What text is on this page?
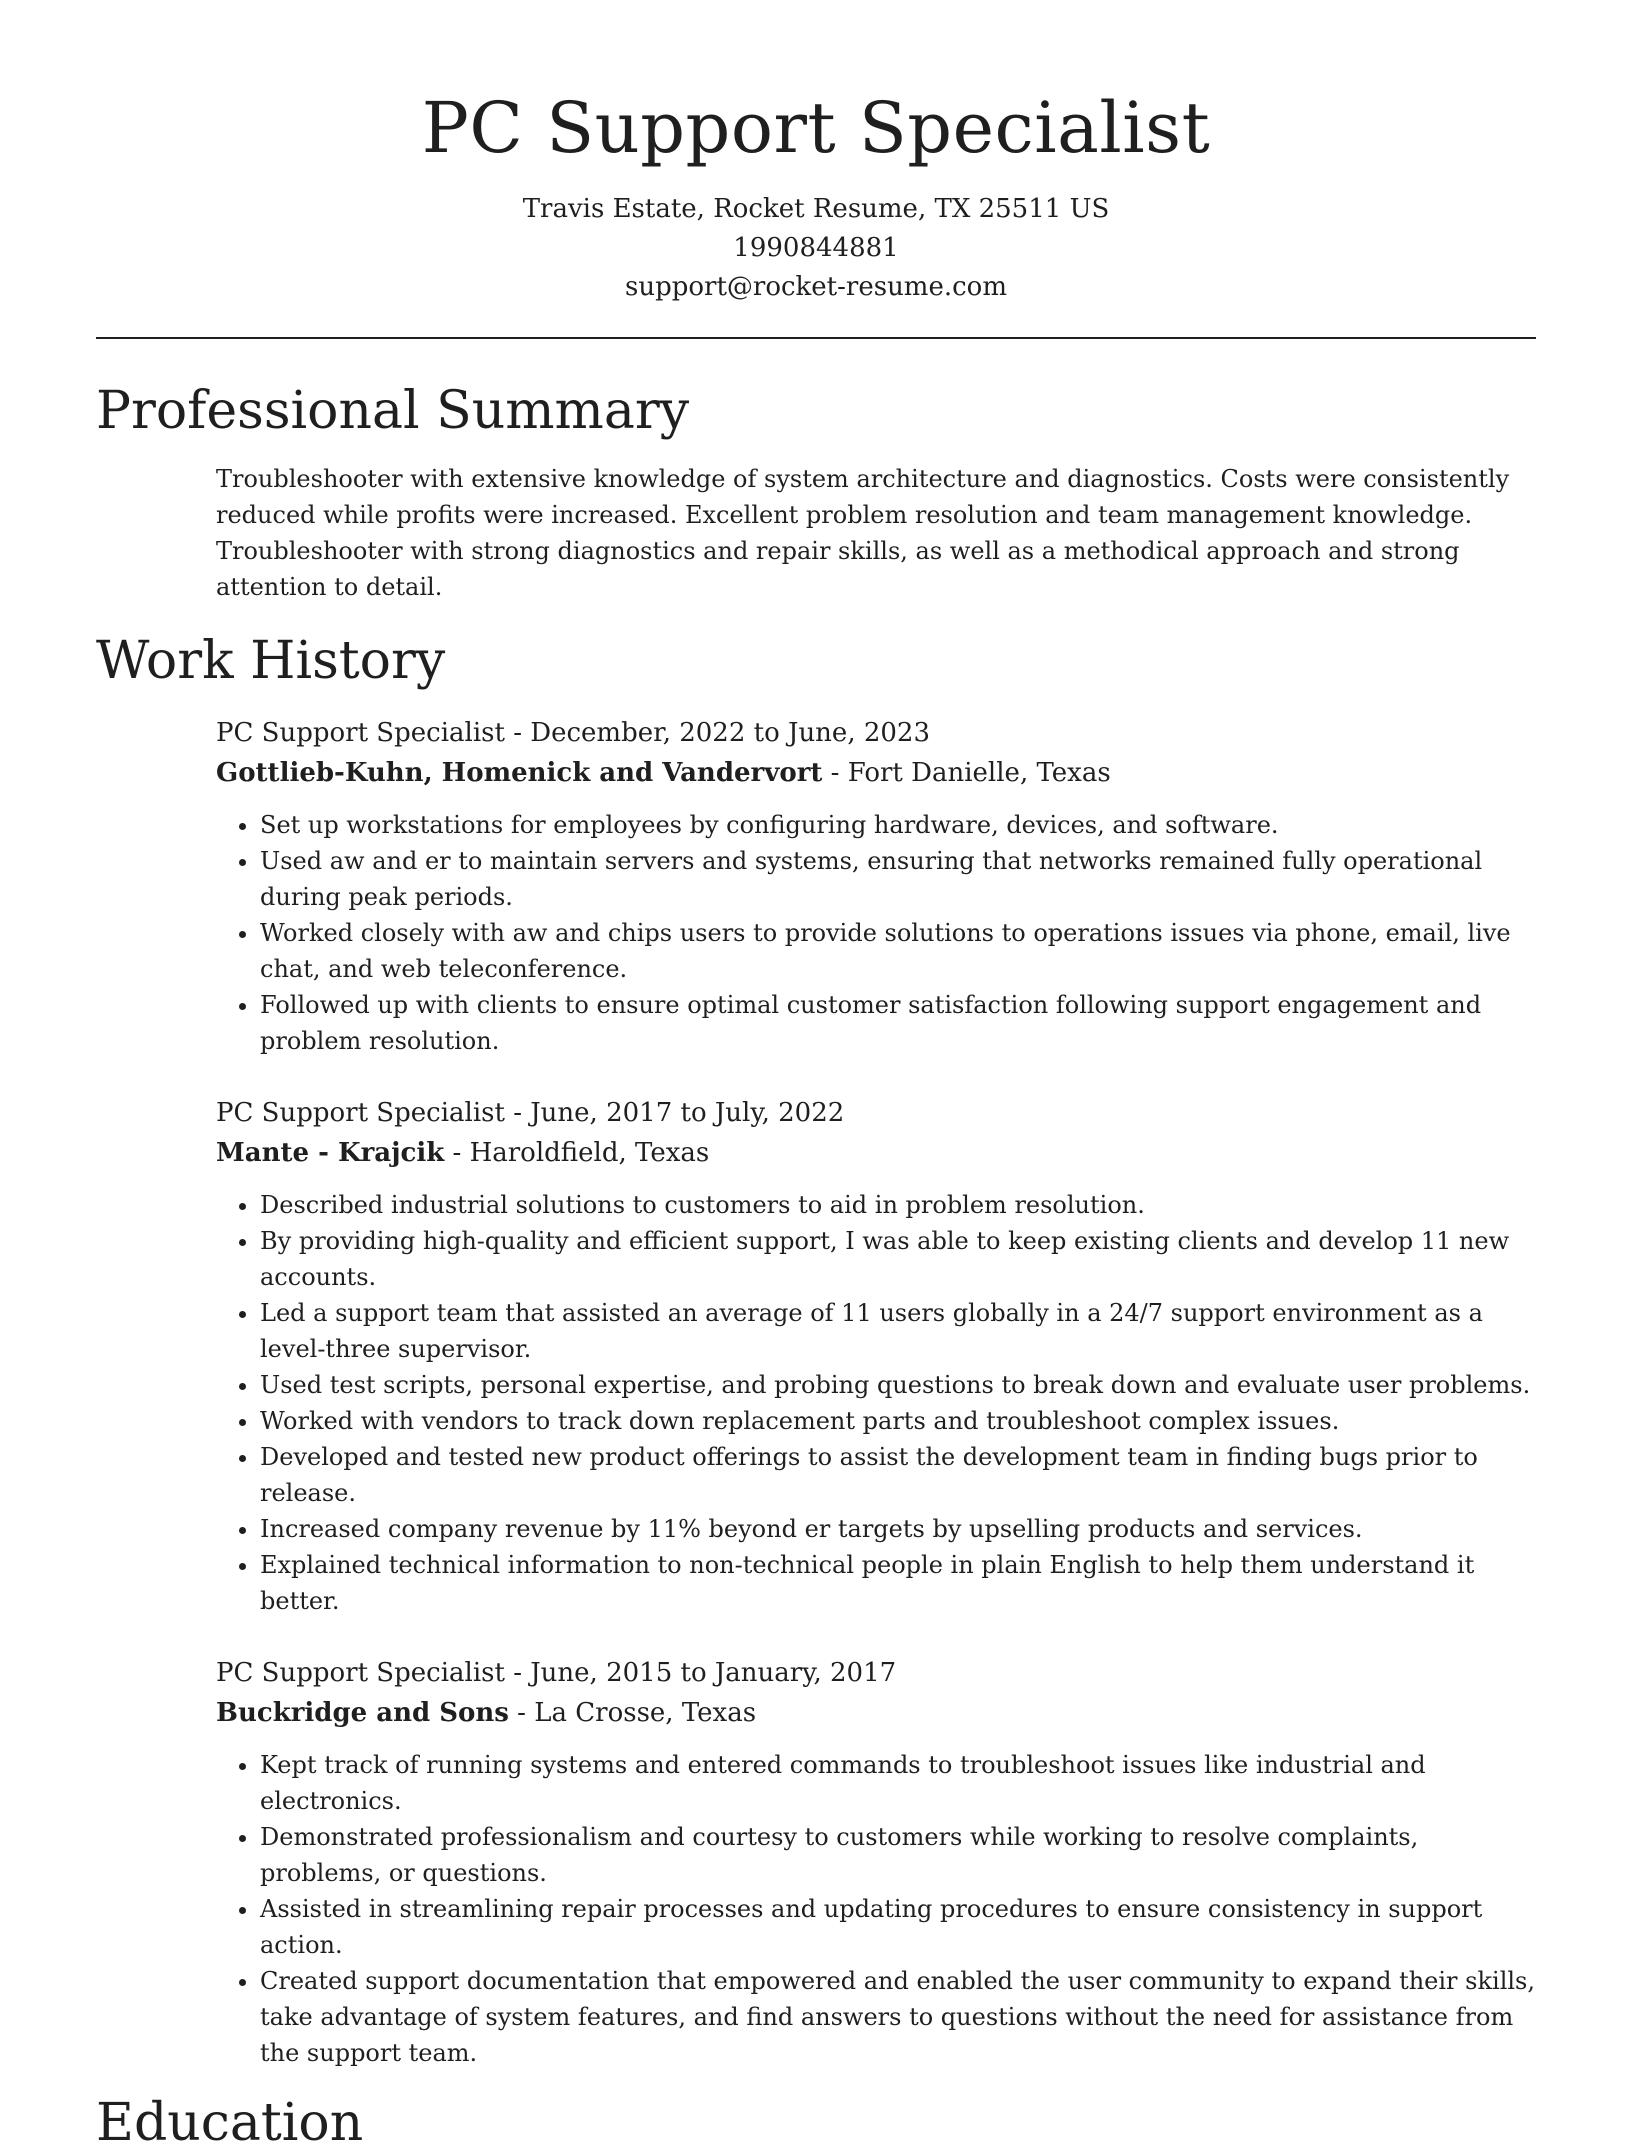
PC Support Specialist
Travis Estate, Rocket Resume, TX 25511 US
1990844881
support@rocket-resume.com
Professional Summary

Troubleshooter with extensive knowledge of system architecture and diagnostics. Costs were consistently reduced while profits were increased. Excellent problem resolution and team management knowledge. Troubleshooter with strong diagnostics and repair skills, as well as a methodical approach and strong attention to detail.

Work History
PC Support Specialist - December, 2022 to June, 2023
Gottlieb-Kuhn, Homenick and Vandervort - Fort Danielle, Texas
• Set up workstations for employees by configuring hardware, devices, and software.
• Used aw and er to maintain servers and systems, ensuring that networks remained fully operational during peak periods.
• Worked closely with aw and chips users to provide solutions to operations issues via phone, email, live chat, and web teleconference.
• Followed up with clients to ensure optimal customer satisfaction following support engagement and problem resolution.
PC Support Specialist - June, 2017 to July, 2022
Mante - Krajcik - Haroldfield, Texas
• Described industrial solutions to customers to aid in problem resolution.
• By providing high-quality and efficient support, I was able to keep existing clients and develop 11 new accounts.
• Led a support team that assisted an average of 11 users globally in a 24/7 support environment as a level-three supervisor.
• Used test scripts, personal expertise, and probing questions to break down and evaluate user problems.
• Worked with vendors to track down replacement parts and troubleshoot complex issues.
• Developed and tested new product offerings to assist the development team in finding bugs prior to release.
• Increased company revenue by 11% beyond er targets by upselling products and services.
• Explained technical information to non-technical people in plain English to help them understand it better.
PC Support Specialist - June, 2015 to January, 2017
Buckridge and Sons - La Crosse, Texas
• Kept track of running systems and entered commands to troubleshoot issues like industrial and electronics.
• Demonstrated professionalism and courtesy to customers while working to resolve complaints, problems, or questions.
• Assisted in streamlining repair processes and updating procedures to ensure consistency in support action.
• Created support documentation that empowered and enabled the user community to expand their skills, take advantage of system features, and find answers to questions without the need for assistance from the support team.
Education
